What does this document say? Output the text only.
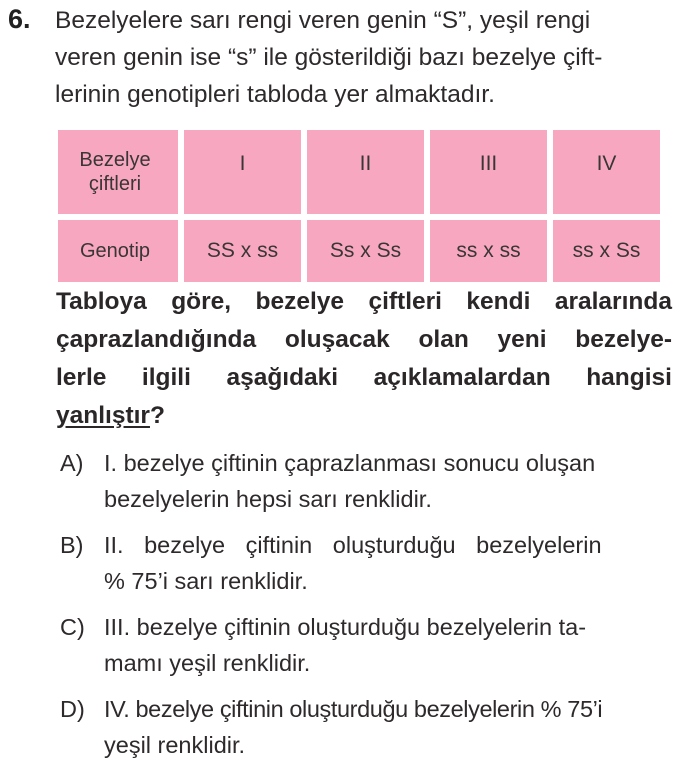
6. Bezelyelere sarı rengi veren genin “S”, yeşil rengi
veren genin ise “s” ile gösterildiği bazı bezelye çift-
lerinin genotipleri tabloda yer almaktadır.

Bezelye
çiftleri	I	II	III	IV
Genotip	SS x ss	Ss x Ss	ss x ss	ss x Ss

Tabloya göre, bezelye çiftleri kendi aralarında
çaprazlandığında oluşacak olan yeni bezelye-
lerle ilgili aşağıdaki açıklamalardan hangisi
yanlıştır?

A) I. bezelye çiftinin çaprazlanması sonucu oluşan
bezelyelerin hepsi sarı renklidir.
B) II. bezelye çiftinin oluşturduğu bezelyelerin
% 75’i sarı renklidir.
C) III. bezelye çiftinin oluşturduğu bezelyelerin ta-
mamı yeşil renklidir.
D) IV. bezelye çiftinin oluşturduğu bezelyelerin % 75’i
yeşil renklidir.
